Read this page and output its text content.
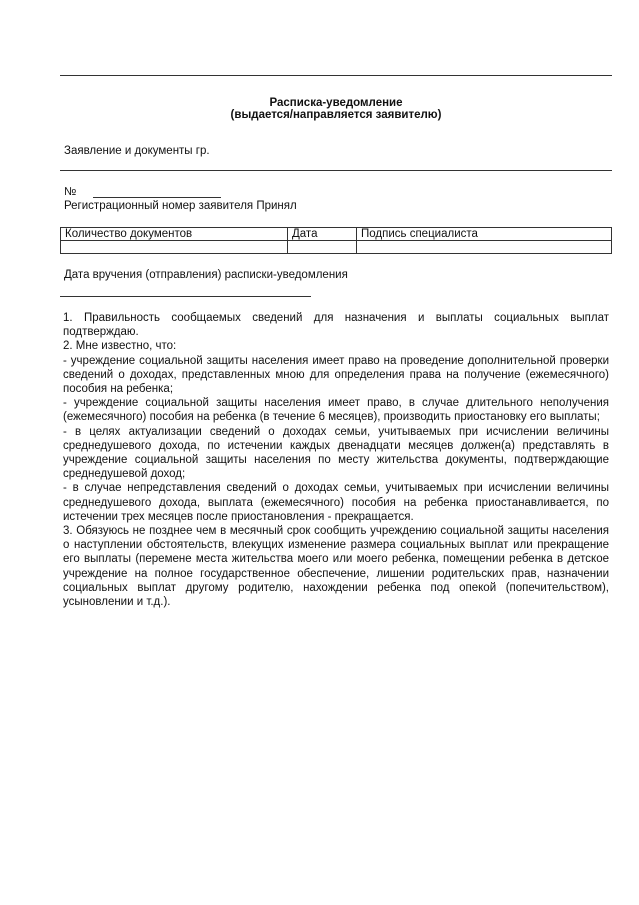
Расписка-уведомление
(выдается/направляется заявителю)
Заявление и документы гр.
№
Регистрационный номер заявителя Принял
Количество документов	Дата	Подпись специалиста

Дата вручения (отправления) расписки-уведомления

1. Правильность сообщаемых сведений для назначения и выплаты социальных выплат подтверждаю.

2. Мне известно, что:

- учреждение социальной защиты населения имеет право на проведение дополнительной проверки сведений о доходах, представленных мною для определения права на получение (ежемесячного) пособия на ребенка;

- учреждение социальной защиты населения имеет право, в случае длительного неполучения (ежемесячного) пособия на ребенка (в течение 6 месяцев), производить приостановку его выплаты;

- в целях актуализации сведений о доходах семьи, учитываемых при исчислении величины среднедушевого дохода, по истечении каждых двенадцати месяцев должен(а) представлять в учреждение социальной защиты населения по месту жительства документы, подтверждающие среднедушевой доход;

- в случае непредставления сведений о доходах семьи, учитываемых при исчислении величины среднедушевого дохода, выплата (ежемесячного) пособия на ребенка приостанавливается, по истечении трех месяцев после приостановления - прекращается.

3. Обязуюсь не позднее чем в месячный срок сообщить учреждению социальной защиты населения о наступлении обстоятельств, влекущих изменение размера социальных выплат или прекращение его выплаты (перемене места жительства моего или моего ребенка, помещении ребенка в детское учреждение на полное государственное обеспечение, лишении родительских прав, назначении социальных выплат другому родителю, нахождении ребенка под опекой (попечительством), усыновлении и т.д.).
